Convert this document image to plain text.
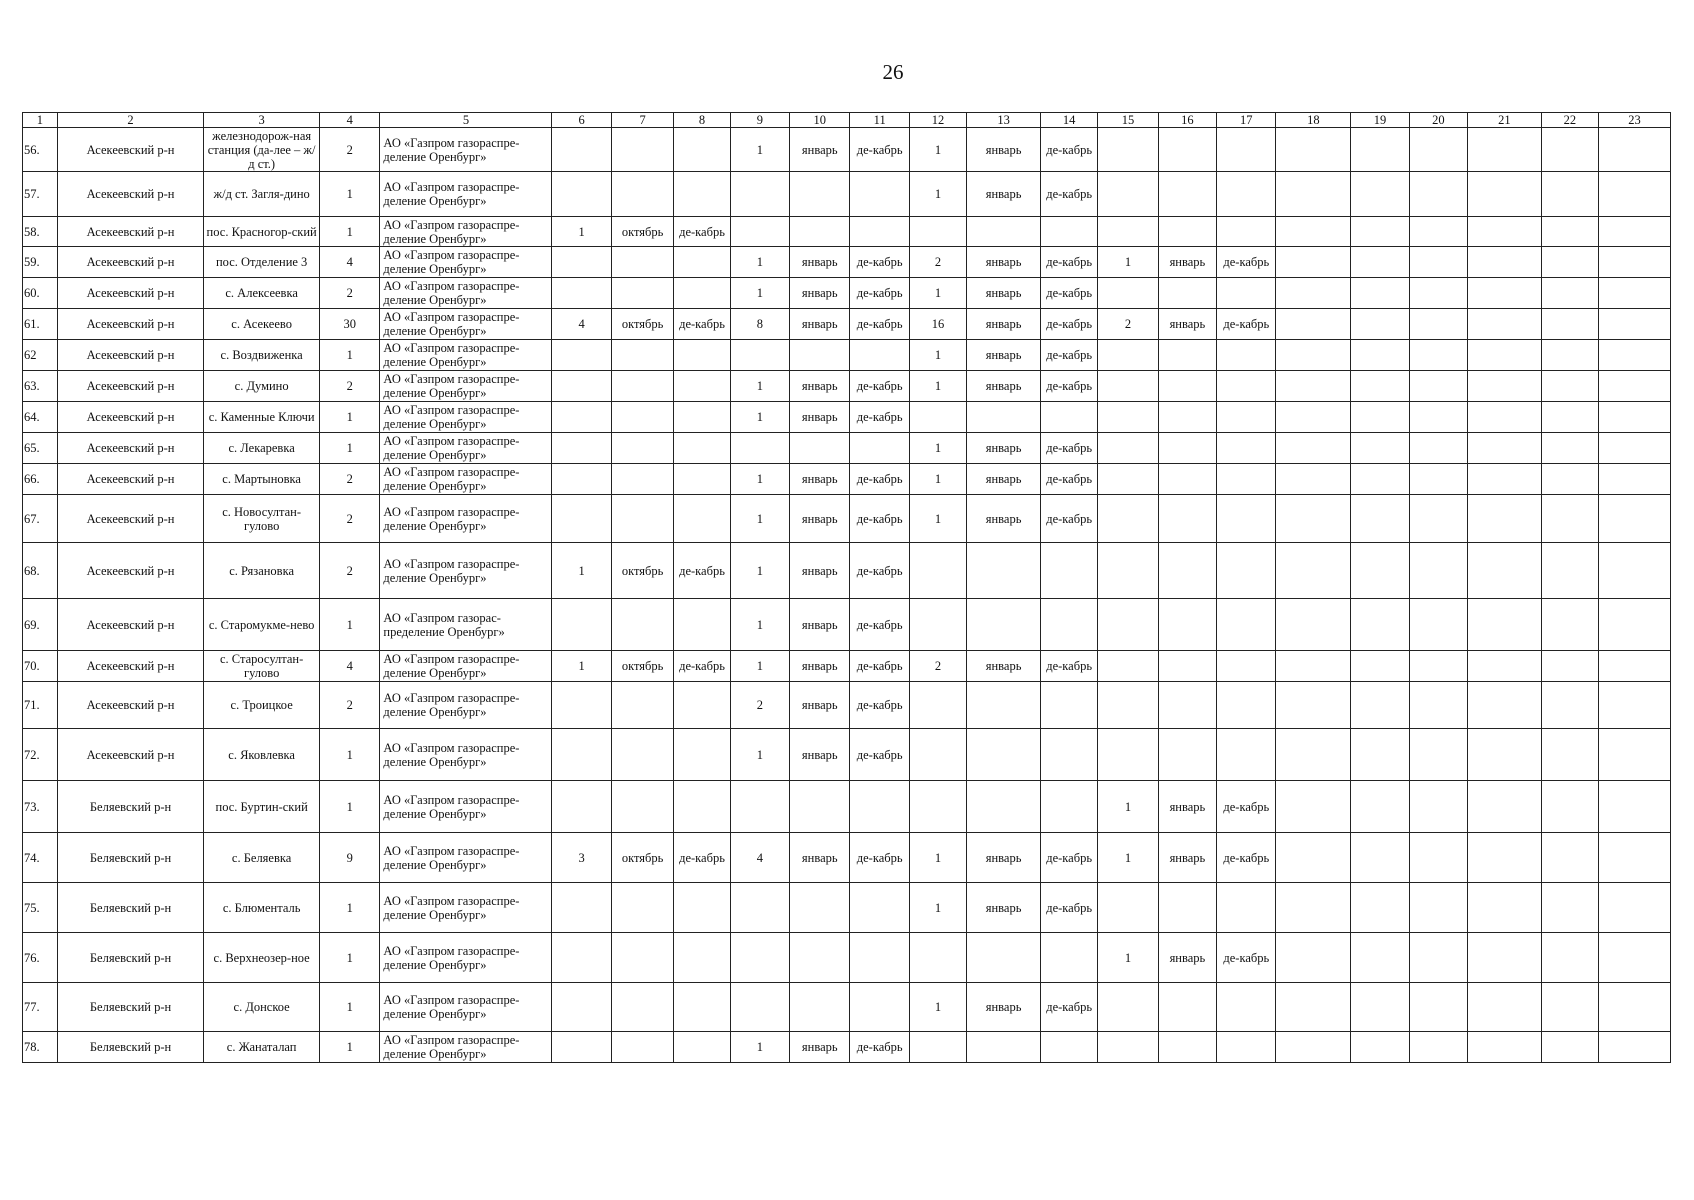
26
1	2	3	4	5	6	7	8	9	10	11	12	13	14	15	16	17	18	19	20	21	22	23
56.	Асекеевский р-н	железнодорож-ная станция (да-лее – ж/д ст.)	2	АО «Газпром газораспре-деление Оренбург»				1	январь	де-кабрь	1	январь	де-кабрь									
57.	Асекеевский р-н	ж/д ст. Загля-дино	1	АО «Газпром газораспре-деление Оренбург»							1	январь	де-кабрь									
58.	Асекеевский р-н	пос. Красногор-ский	1	АО «Газпром газораспре-деление Оренбург»	1	октябрь	де-кабрь															
59.	Асекеевский р-н	пос. Отделение 3	4	АО «Газпром газораспре-деление Оренбург»				1	январь	де-кабрь	2	январь	де-кабрь	1	январь	де-кабрь						
60.	Асекеевский р-н	с. Алексеевка	2	АО «Газпром газораспре-деление Оренбург»				1	январь	де-кабрь	1	январь	де-кабрь									
61.	Асекеевский р-н	с. Асекеево	30	АО «Газпром газораспре-деление Оренбург»	4	октябрь	де-кабрь	8	январь	де-кабрь	16	январь	де-кабрь	2	январь	де-кабрь						
62	Асекеевский р-н	с. Воздвиженка	1	АО «Газпром газораспре-деление Оренбург»							1	январь	де-кабрь									
63.	Асекеевский р-н	с. Думино	2	АО «Газпром газораспре-деление Оренбург»				1	январь	де-кабрь	1	январь	де-кабрь									
64.	Асекеевский р-н	с. Каменные Ключи	1	АО «Газпром газораспре-деление Оренбург»				1	январь	де-кабрь												
65.	Асекеевский р-н	с. Лекаревка	1	АО «Газпром газораспре-деление Оренбург»							1	январь	де-кабрь									
66.	Асекеевский р-н	с. Мартыновка	2	АО «Газпром газораспре-деление Оренбург»				1	январь	де-кабрь	1	январь	де-кабрь									
67.	Асекеевский р-н	с. Новосултан-гулово	2	АО «Газпром газораспре-деление Оренбург»				1	январь	де-кабрь	1	январь	де-кабрь									
68.	Асекеевский р-н	с. Рязановка	2	АО «Газпром газораспре-деление Оренбург»	1	октябрь	де-кабрь	1	январь	де-кабрь												
69.	Асекеевский р-н	с. Старомукме-нево	1	АО «Газпром газорас-пределение Оренбург»				1	январь	де-кабрь												
70.	Асекеевский р-н	с. Старосултан-гулово	4	АО «Газпром газораспре-деление Оренбург»	1	октябрь	де-кабрь	1	январь	де-кабрь	2	январь	де-кабрь									
71.	Асекеевский р-н	с. Троицкое	2	АО «Газпром газораспре-деление Оренбург»				2	январь	де-кабрь												
72.	Асекеевский р-н	с. Яковлевка	1	АО «Газпром газораспре-деление Оренбург»				1	январь	де-кабрь												
73.	Беляевский р-н	пос. Буртин-ский	1	АО «Газпром газораспре-деление Оренбург»										1	январь	де-кабрь						
74.	Беляевский р-н	с. Беляевка	9	АО «Газпром газораспре-деление Оренбург»	3	октябрь	де-кабрь	4	январь	де-кабрь	1	январь	де-кабрь	1	январь	де-кабрь						
75.	Беляевский р-н	с. Блюменталь	1	АО «Газпром газораспре-деление Оренбург»							1	январь	де-кабрь									
76.	Беляевский р-н	с. Верхнеозер-ное	1	АО «Газпром газораспре-деление Оренбург»										1	январь	де-кабрь						
77.	Беляевский р-н	с. Донское	1	АО «Газпром газораспре-деление Оренбург»							1	январь	де-кабрь									
78.	Беляевский р-н	с. Жанаталап	1	АО «Газпром газораспре-деление Оренбург»				1	январь	де-кабрь												
